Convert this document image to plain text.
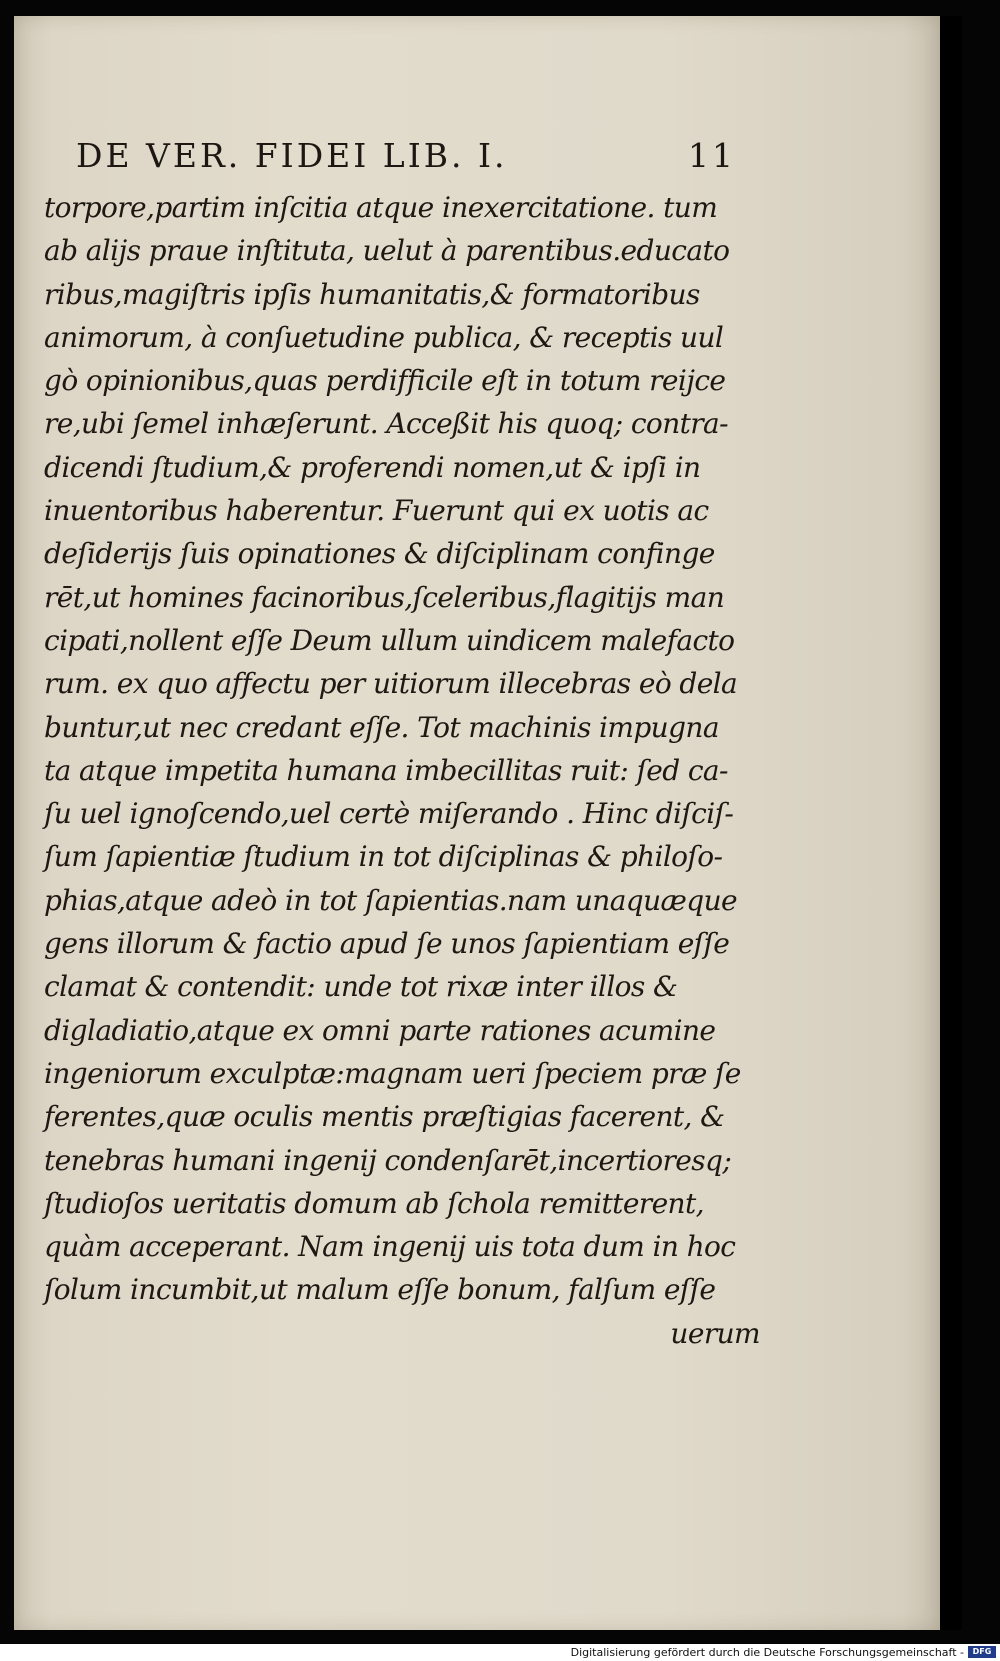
DE VER. FIDEI LIB. I.	11
torpore,partim inſcitia atque inexercitatione. tum
ab alijs praue inſtituta, uelut à parentibus.educato
ribus,magiſtris ipſis humanitatis,& formatoribus
animorum, à conſuetudine publica, & receptis uul
gò opinionibus,quas perdifficile eſt in totum reijce
re,ubi ſemel inhæſerunt. Acceßit his quoq; contra-
dicendi ſtudium,& proferendi nomen,ut & ipſi in
inuentoribus haberentur. Fuerunt qui ex uotis ac
deſiderijs ſuis opinationes & diſciplinam confinge
rēt,ut homines facinoribus,ſceleribus,flagitijs man
cipati,nollent eſſe Deum ullum uindicem malefacto
rum. ex quo affectu per uitiorum illecebras eò dela
buntur,ut nec credant eſſe. Tot machinis impugna
ta atque impetita humana imbecillitas ruit: ſed ca-
ſu uel ignoſcendo,uel certè miſerando . Hinc diſciſ-
ſum ſapientiæ ſtudium in tot diſciplinas & philoſo-
phias,atque adeò in tot ſapientias.nam unaquæque
gens illorum & factio apud ſe unos ſapientiam eſſe
clamat & contendit: unde tot rixæ inter illos &
digladiatio,atque ex omni parte rationes acumine
ingeniorum exculptæ:magnam ueri ſpeciem præ ſe
ferentes,quæ oculis mentis præſtigias facerent, &
tenebras humani ingenij condenſarēt,incertioresq;
ſtudioſos ueritatis domum ab ſchola remitterent,
quàm acceperant. Nam ingenij uis tota dum in hoc
ſolum incumbit,ut malum eſſe bonum, falſum eſſe
uerum
Digitalisierung gefördert durch die Deutsche Forschungsgemeinschaft -	DFG
